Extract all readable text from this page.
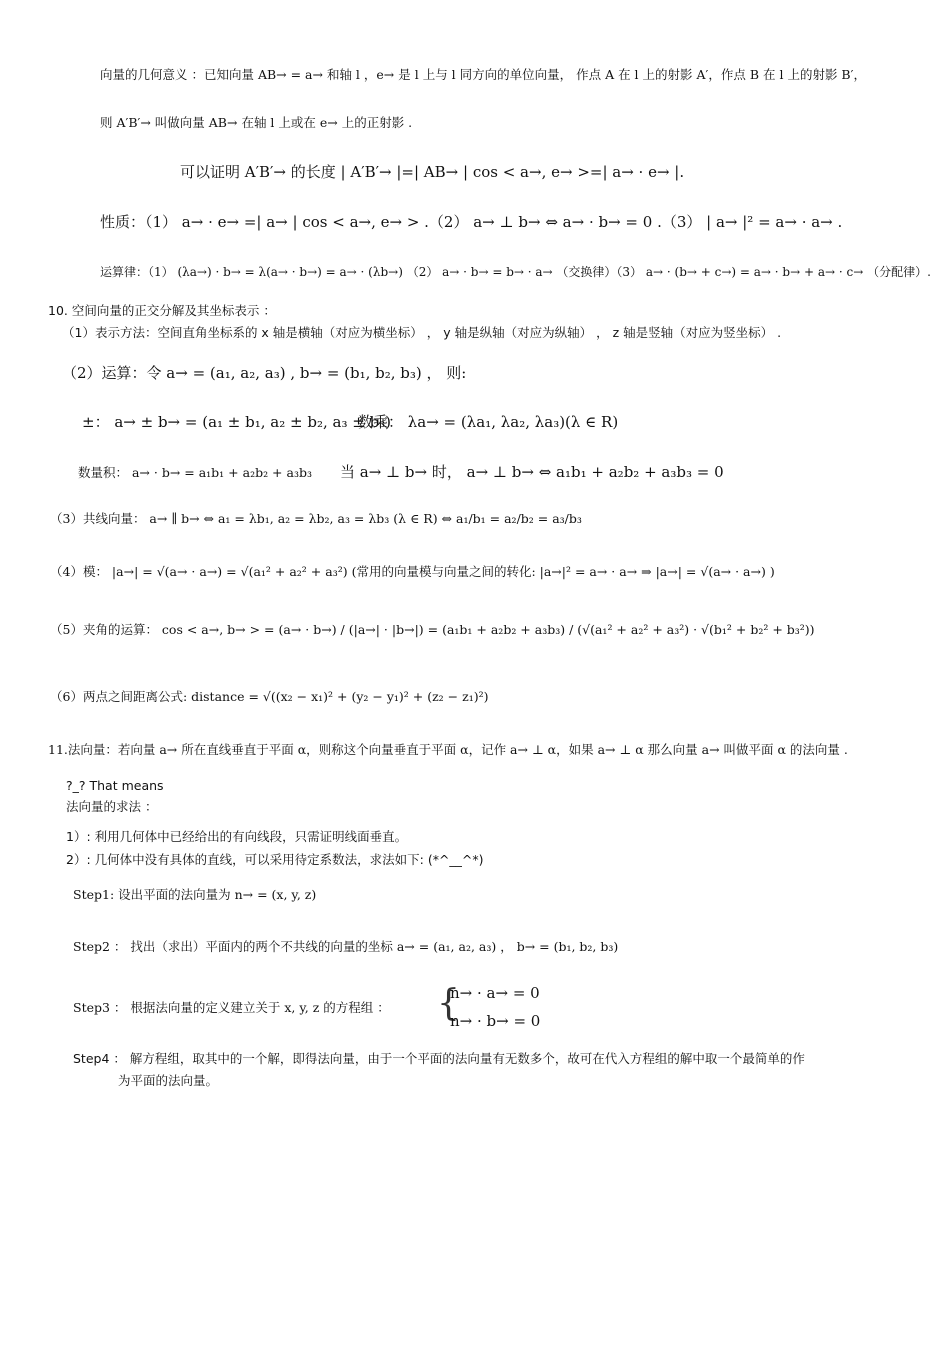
向量的几何意义 ：已知向量 AB→ = a→ 和轴 l ，e→ 是 l 上与 l 同方向的单位向量， 作点 A 在 l 上的射影 A′，作点 B 在 l 上的射影 B′，
则 A′B′→ 叫做向量 AB→ 在轴 l 上或在 e→ 上的正射影 .
可以证明 A′B′→ 的长度 | A′B′→ |=| AB→ | cos < a→, e→ >=| a→ · e→ |.
性质：（1） a→ · e→ =| a→ | cos < a→, e→ > .（2） a→ ⊥ b→ ⇔ a→ · b→ = 0 .（3） | a→ |² = a→ · a→ .
运算律：（1） (λa→) · b→ = λ(a→ · b→) = a→ · (λb→) （2） a→ · b→ = b→ · a→ （交换律）（3） a→ · (b→ + c→) = a→ · b→ + a→ · c→ （分配律）.
10. 空间向量的正交分解及其坐标表示 ：
（1）表示方法：空间直角坐标系的 x 轴是横轴（对应为横坐标） ， y 轴是纵轴（对应为纵轴） ， z 轴是竖轴（对应为竖坐标） .
（2）运算：令 a→ = (a₁, a₂, a₃) , b→ = (b₁, b₂, b₃) ， 则:
±： a→ ± b→ = (a₁ ± b₁, a₂ ± b₂, a₃ ± b₃)
数乘： λa→ = (λa₁, λa₂, λa₃)(λ ∈ R)
数量积： a→ · b→ = a₁b₁ + a₂b₂ + a₃b₃ 当 a→ ⊥ b→ 时， a→ ⊥ b→ ⇔ a₁b₁ + a₂b₂ + a₃b₃ = 0
（3）共线向量： a→ ∥ b→ ⇔ a₁ = λb₁, a₂ = λb₂, a₃ = λb₃ (λ ∈ R) ⇔ a₁/b₁ = a₂/b₂ = a₃/b₃
（4）模： |a→| = √(a→ · a→) = √(a₁² + a₂² + a₃²) (常用的向量模与向量之间的转化: |a→|² = a→ · a→ ⇒ |a→| = √(a→ · a→) )
（5）夹角的运算： cos < a→, b→ > = (a→ · b→) / (|a→| · |b→|) = (a₁b₁ + a₂b₂ + a₃b₃) / (√(a₁² + a₂² + a₃²) · √(b₁² + b₂² + b₃²))
（6）两点之间距离公式: distance = √((x₂ − x₁)² + (y₂ − y₁)² + (z₂ − z₁)²)
11.法向量：若向量 a→ 所在直线垂直于平面 α，则称这个向量垂直于平面 α，记作 a→ ⊥ α，如果 a→ ⊥ α 那么向量 a→ 叫做平面 α 的法向量 .
?_? That means
法向量的求法 ：
1）: 利用几何体中已经给出的有向线段，只需证明线面垂直。
2）: 几何体中没有具体的直线，可以采用待定系数法，求法如下: (*^__^*)
Step1: 设出平面的法向量为 n→ = (x, y, z)
Step2 ： 找出（求出）平面内的两个不共线的向量的坐标 a→ = (a₁, a₂, a₃) ， b→ = (b₁, b₂, b₃)
Step3 ： 根据法向量的定义建立关于 x, y, z 的方程组 ： {
n→ · a→ = 0
n→ · b→ = 0
Step4 ： 解方程组，取其中的一个解，即得法向量，由于一个平面的法向量有无数多个，故可在代入方程组的解中取一个最简单的作
为平面的法向量。
